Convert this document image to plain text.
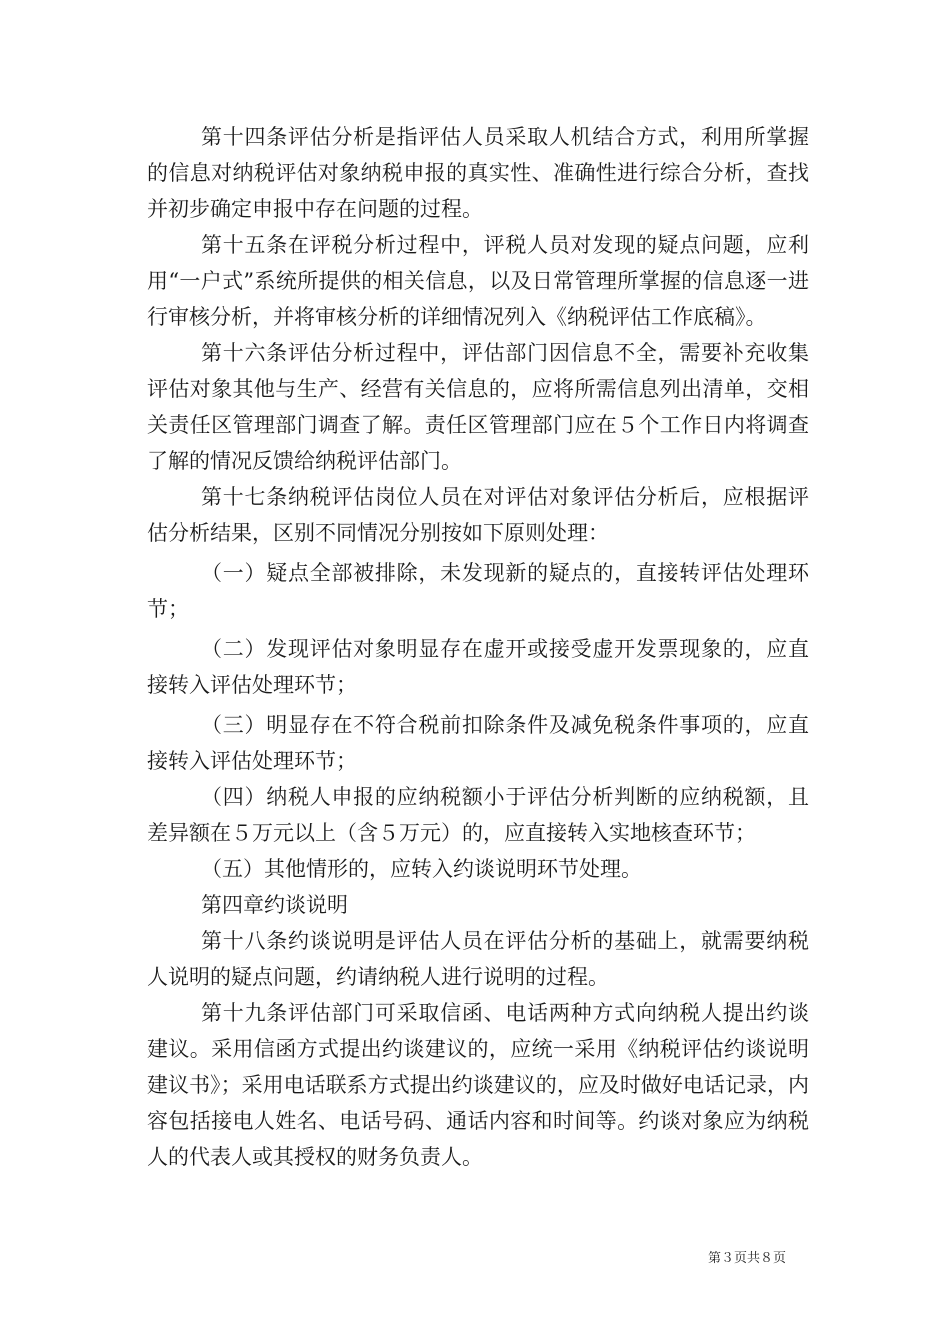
第十四条评估分析是指评估人员采取人机结合方式，利用所掌握的信息对纳税评估对象纳税申报的真实性、准确性进行综合分析，查找并初步确定申报中存在问题的过程。

第十五条在评税分析过程中，评税人员对发现的疑点问题，应利用“一户式”系统所提供的相关信息，以及日常管理所掌握的信息逐一进行审核分析，并将审核分析的详细情况列入《纳税评估工作底稿》。

第十六条评估分析过程中，评估部门因信息不全，需要补充收集评估对象其他与生产、经营有关信息的，应将所需信息列出清单，交相关责任区管理部门调查了解。责任区管理部门应在５个工作日内将调查了解的情况反馈给纳税评估部门。

第十七条纳税评估岗位人员在对评估对象评估分析后，应根据评估分析结果，区别不同情况分别按如下原则处理：

（一）疑点全部被排除，未发现新的疑点的，直接转评估处理环节；

（二）发现评估对象明显存在虚开或接受虚开发票现象的，应直接转入评估处理环节；

（三）明显存在不符合税前扣除条件及减免税条件事项的，应直接转入评估处理环节；

（四）纳税人申报的应纳税额小于评估分析判断的应纳税额，且差异额在５万元以上（含５万元）的，应直接转入实地核查环节；

（五）其他情形的，应转入约谈说明环节处理。

第四章约谈说明

第十八条约谈说明是评估人员在评估分析的基础上，就需要纳税人说明的疑点问题，约请纳税人进行说明的过程。

第十九条评估部门可采取信函、电话两种方式向纳税人提出约谈建议。采用信函方式提出约谈建议的，应统一采用《纳税评估约谈说明建议书》；采用电话联系方式提出约谈建议的，应及时做好电话记录，内容包括接电人姓名、电话号码、通话内容和时间等。约谈对象应为纳税人的代表人或其授权的财务负责人。

第３页共８页
